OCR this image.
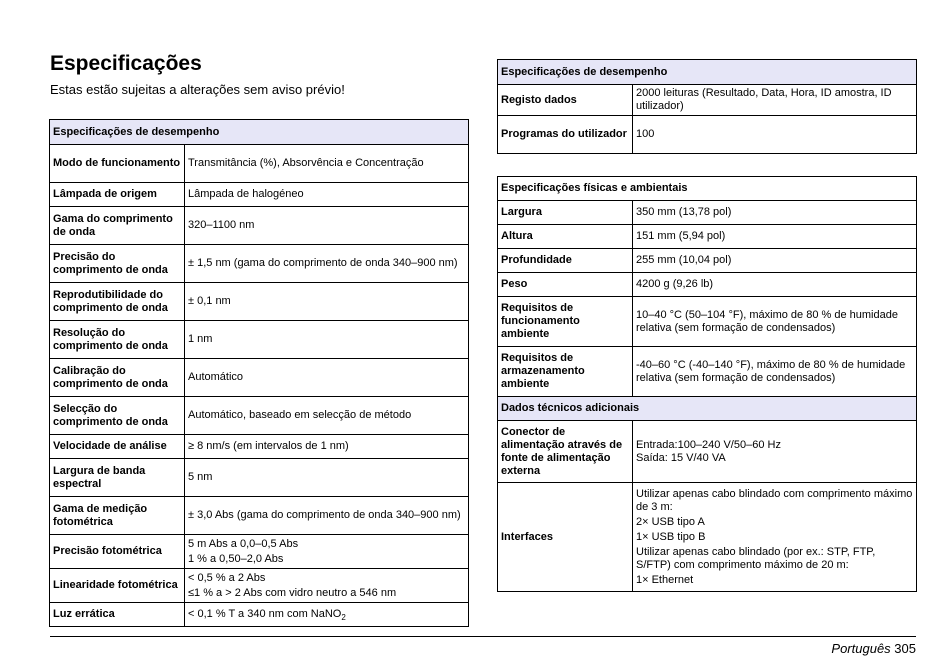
Especificações

Estas estão sujeitas a alterações sem aviso prévio!

Especificações de desempenho	
Modo de funcionamento	Transmitância (%), Absorvência e Concentração
Lâmpada de origem	Lâmpada de halogéneo
Gama do comprimento de onda	320–1100 nm
Precisão do comprimento de onda	± 1,5 nm (gama do comprimento de onda 340–900 nm)
Reprodutibilidade do comprimento de onda	± 0,1 nm
Resolução do comprimento de onda	1 nm
Calibração do comprimento de onda	Automático
Selecção do comprimento de onda	Automático, baseado em selecção de método
Velocidade de análise	≥ 8 nm/s (em intervalos de 1 nm)
Largura de banda espectral	5 nm
Gama de medição fotométrica	± 3,0 Abs (gama do comprimento de onda 340–900 nm)
Precisão fotométrica	5 m Abs a 0,0–0,5 Abs
1 % a 0,50–2,0 Abs

Linearidade fotométrica	< 0,5 % a 2 Abs
≤1 % a > 2 Abs com vidro neutro a 546 nm

Luz errática	< 0,1 % T a 340 nm com NaNO$_2$
Especificações de desempenho	
Registo dados	2000 leituras (Resultado, Data, Hora, ID amostra, ID utilizador)
Programas do utilizador	100
Especificações físicas e ambientais	
Largura	350 mm (13,78 pol)
Altura	151 mm (5,94 pol)
Profundidade	255 mm (10,04 pol)
Peso	4200 g (9,26 lb)
Requisitos de funcionamento ambiente	10–40 °C (50–104 °F), máximo de 80 % de humidade relativa (sem formação de condensados)
Requisitos de armazenamento ambiente	-40–60 °C (-40–140 °F), máximo de 80 % de humidade relativa (sem formação de condensados)
Dados técnicos adicionais	
Conector de alimentação através de fonte de alimentação externa	Entrada:100–240 V/50–60 Hz
Saída: 15 V/40 VA

Interfaces	Utilizar apenas cabo blindado com comprimento máximo de 3 m:
2× USB tipo A
1× USB tipo B
Utilizar apenas cabo blindado (por ex.: STP, FTP, S/FTP) com comprimento máximo de 20 m:
1× Ethernet
Português 305
